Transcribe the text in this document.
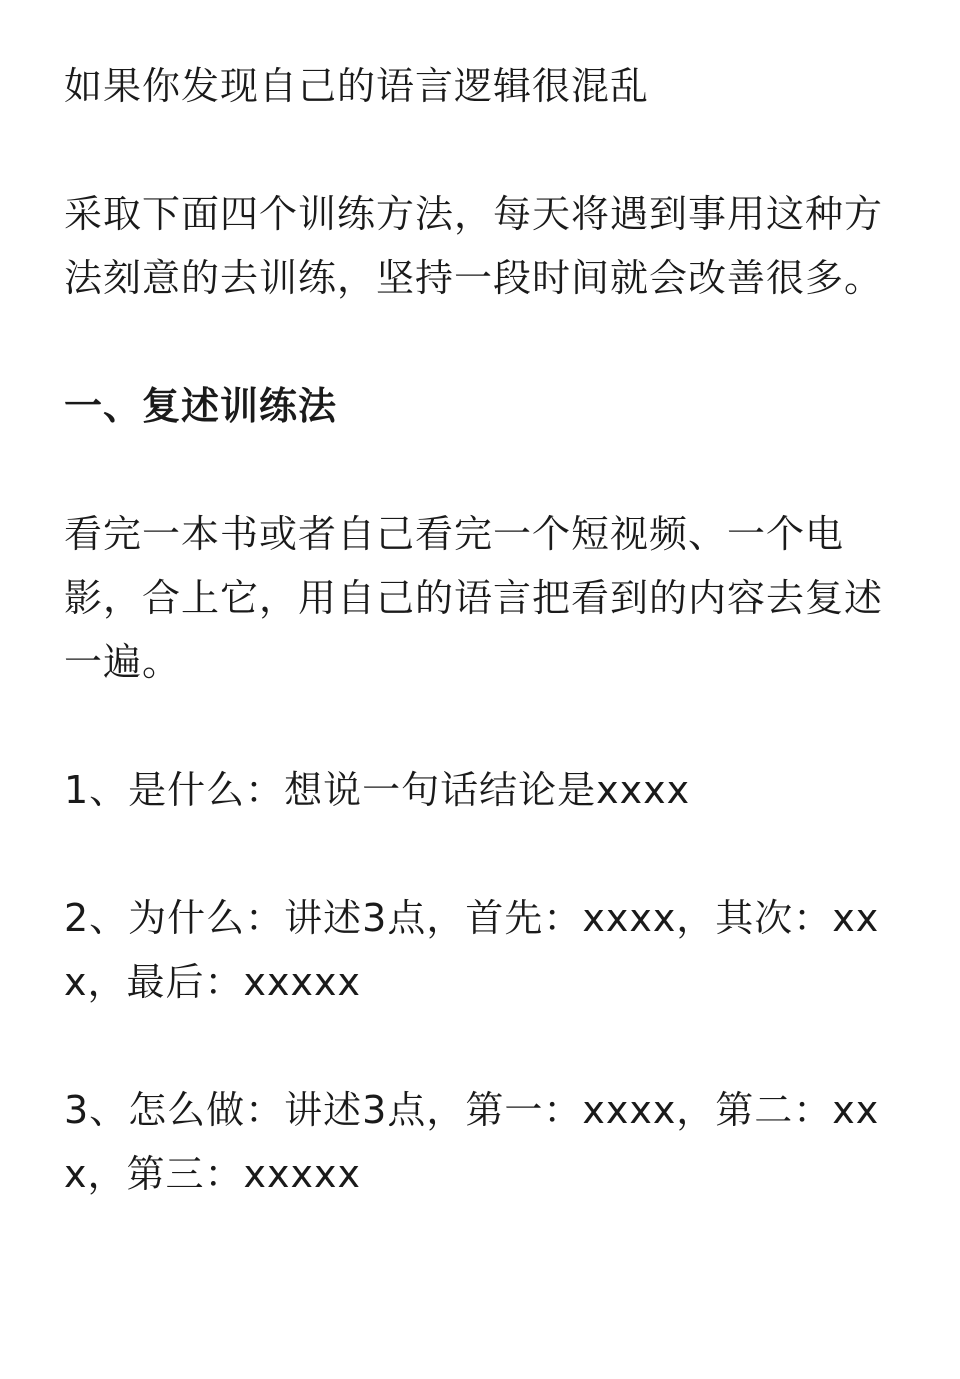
如果你发现自己的语言逻辑很混乱

采取下面四个训练方法，每天将遇到事用这种方法刻意的去训练，坚持一段时间就会改善很多。

一、复述训练法

看完一本书或者自己看完一个短视频、一个电影，合上它，用自己的语言把看到的内容去复述一遍。

1、是什么：想说一句话结论是xxxx

2、为什么：讲述3点，首先：xxxx，其次：xxx，最后：xxxxx

3、怎么做：讲述3点，第一：xxxx，第二：xxx，第三：xxxxx
